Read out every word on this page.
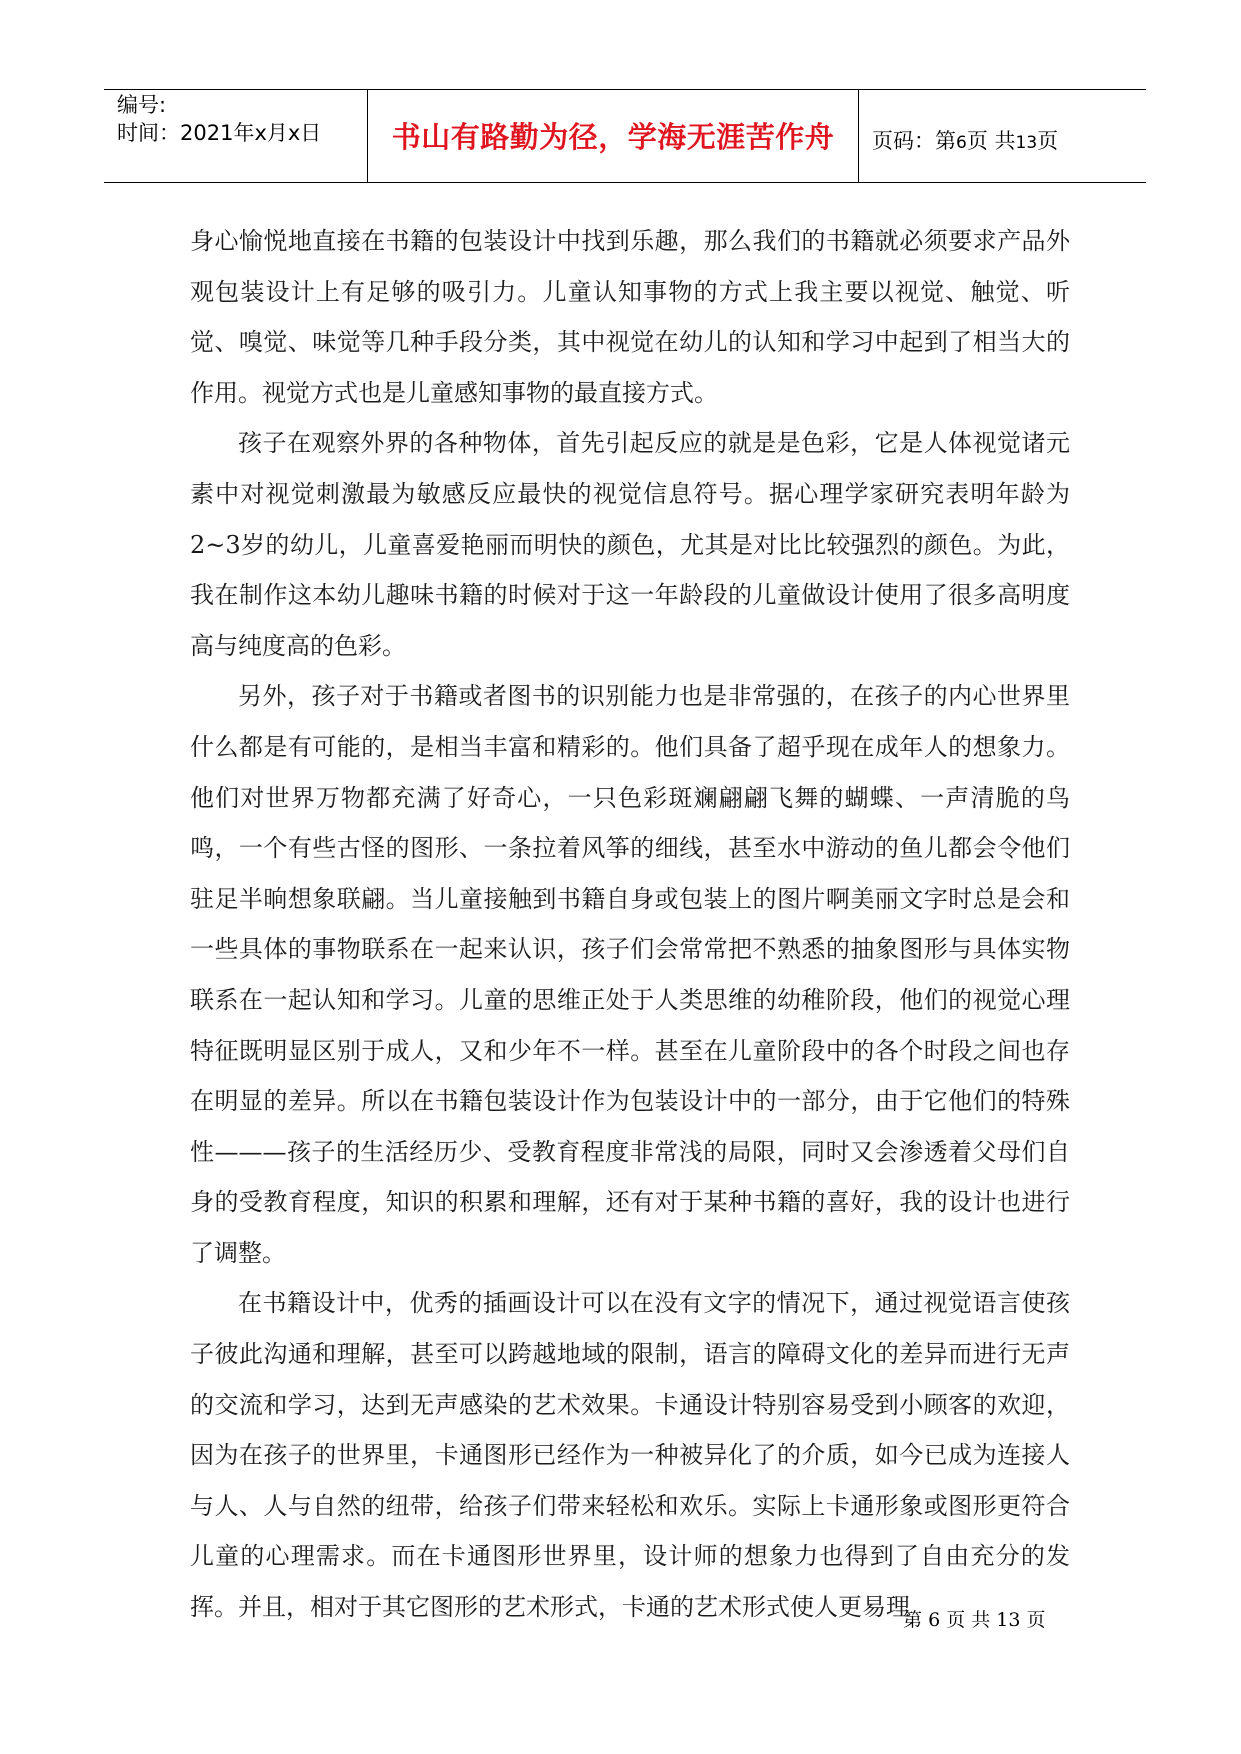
编号:
时间：2021年x月x日	书山有路勤为径，学海无涯苦作舟	页码：第6页 共13页

身心愉悦地直接在书籍的包装设计中找到乐趣，那么我们的书籍就必须要求产品外观包装设计上有足够的吸引力。儿童认知事物的方式上我主要以视觉、触觉、听觉、嗅觉、味觉等几种手段分类，其中视觉在幼儿的认知和学习中起到了相当大的作用。视觉方式也是儿童感知事物的最直接方式。

孩子在观察外界的各种物体，首先引起反应的就是是色彩，它是人体视觉诸元素中对视觉刺激最为敏感反应最快的视觉信息符号。据心理学家研究表明年龄为2~3岁的幼儿，儿童喜爱艳丽而明快的颜色，尤其是对比比较强烈的颜色。为此，我在制作这本幼儿趣味书籍的时候对于这一年龄段的儿童做设计使用了很多高明度高与纯度高的色彩。

另外，孩子对于书籍或者图书的识别能力也是非常强的，在孩子的内心世界里什么都是有可能的，是相当丰富和精彩的。他们具备了超乎现在成年人的想象力。他们对世界万物都充满了好奇心，一只色彩斑斓翩翩飞舞的蝴蝶、一声清脆的鸟鸣，一个有些古怪的图形、一条拉着风筝的细线，甚至水中游动的鱼儿都会令他们驻足半晌想象联翩。当儿童接触到书籍自身或包装上的图片啊美丽文字时总是会和一些具体的事物联系在一起来认识，孩子们会常常把不熟悉的抽象图形与具体实物联系在一起认知和学习。儿童的思维正处于人类思维的幼稚阶段，他们的视觉心理特征既明显区别于成人，又和少年不一样。甚至在儿童阶段中的各个时段之间也存在明显的差异。所以在书籍包装设计作为包装设计中的一部分，由于它他们的特殊性———孩子的生活经历少、受教育程度非常浅的局限，同时又会渗透着父母们自身的受教育程度，知识的积累和理解，还有对于某种书籍的喜好，我的设计也进行了调整。

在书籍设计中，优秀的插画设计可以在没有文字的情况下，通过视觉语言使孩子彼此沟通和理解，甚至可以跨越地域的限制，语言的障碍文化的差异而进行无声的交流和学习，达到无声感染的艺术效果。卡通设计特别容易受到小顾客的欢迎，因为在孩子的世界里，卡通图形已经作为一种被异化了的介质，如今已成为连接人与人、人与自然的纽带，给孩子们带来轻松和欢乐。实际上卡通形象或图形更符合儿童的心理需求。而在卡通图形世界里，设计师的想象力也得到了自由充分的发挥。并且，相对于其它图形的艺术形式，卡通的艺术形式使人更易理

第 6 页 共 13 页
